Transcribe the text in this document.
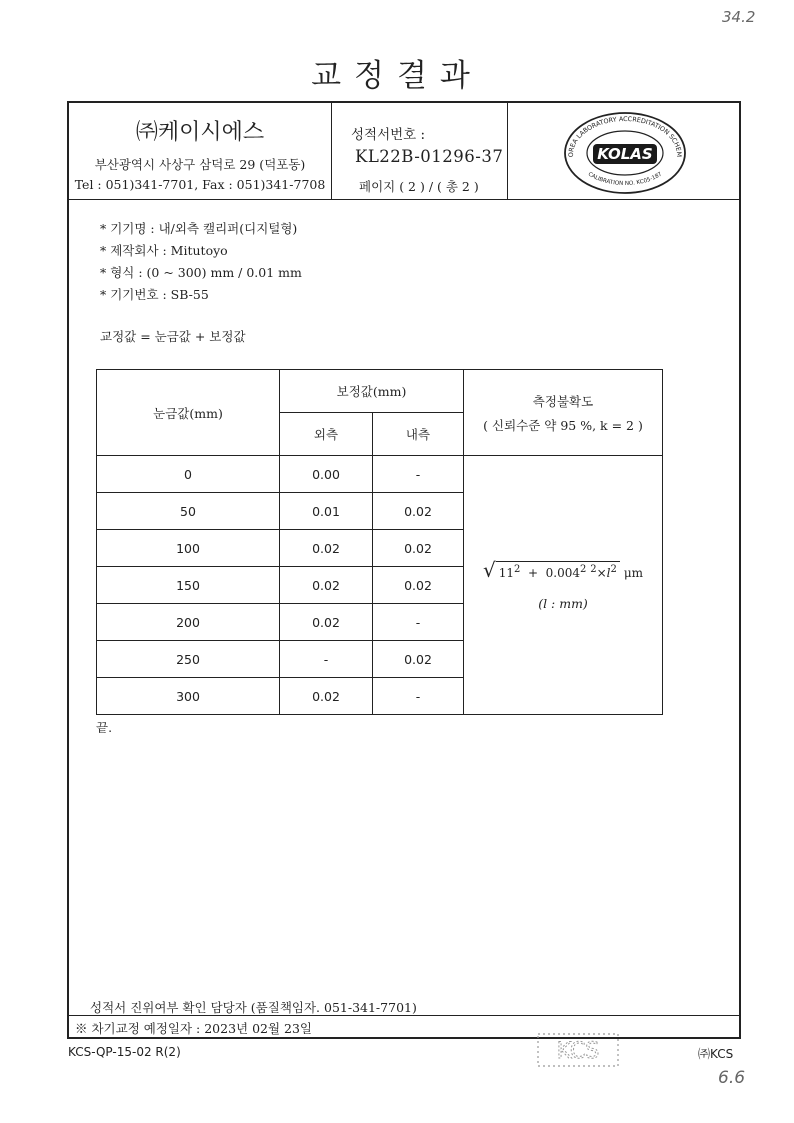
34.2
교정결과
㈜케이시에스
부산광역시 사상구 삼덕로 29 (덕포동)
Tel : 051)341-7701, Fax : 051)341-7708
성적서번호 :
KL22B-01296-37
페이지 ( 2 ) / ( 총 2 )
OREA LABORATORY ACCREDITATION SCHEM
CALIBRATION NO. KC05-187
KOLAS
* 기기명 : 내/외측 캘리퍼(디지털형)
* 제작회사 : Mitutoyo
* 형식 : (0 ~ 300) mm / 0.01 mm
* 기기번호 : SB-55
교정값 = 눈금값 + 보정값
눈금값(mm)	보정값(mm)		측정불확도
( 신뢰수준 약 95 %, k = 2 )

	외측	내측	
0	0.00	-	√ $11^2 + 0.004^2$ $^2\times l^2$ μm
(l : mm)

50	0.01	0.02	
100	0.02	0.02	
150	0.02	0.02	
200	0.02	-	
250	-	0.02	
300	0.02	-	
끝.
성적서 진위여부 확인 담당자 (품질책임자. 051-341-7701)
※ 차기교정 예정일자 : 2023년 02월 23일
KCS
KCS-QP-15-02 R(2)	㈜KCS
6.6
